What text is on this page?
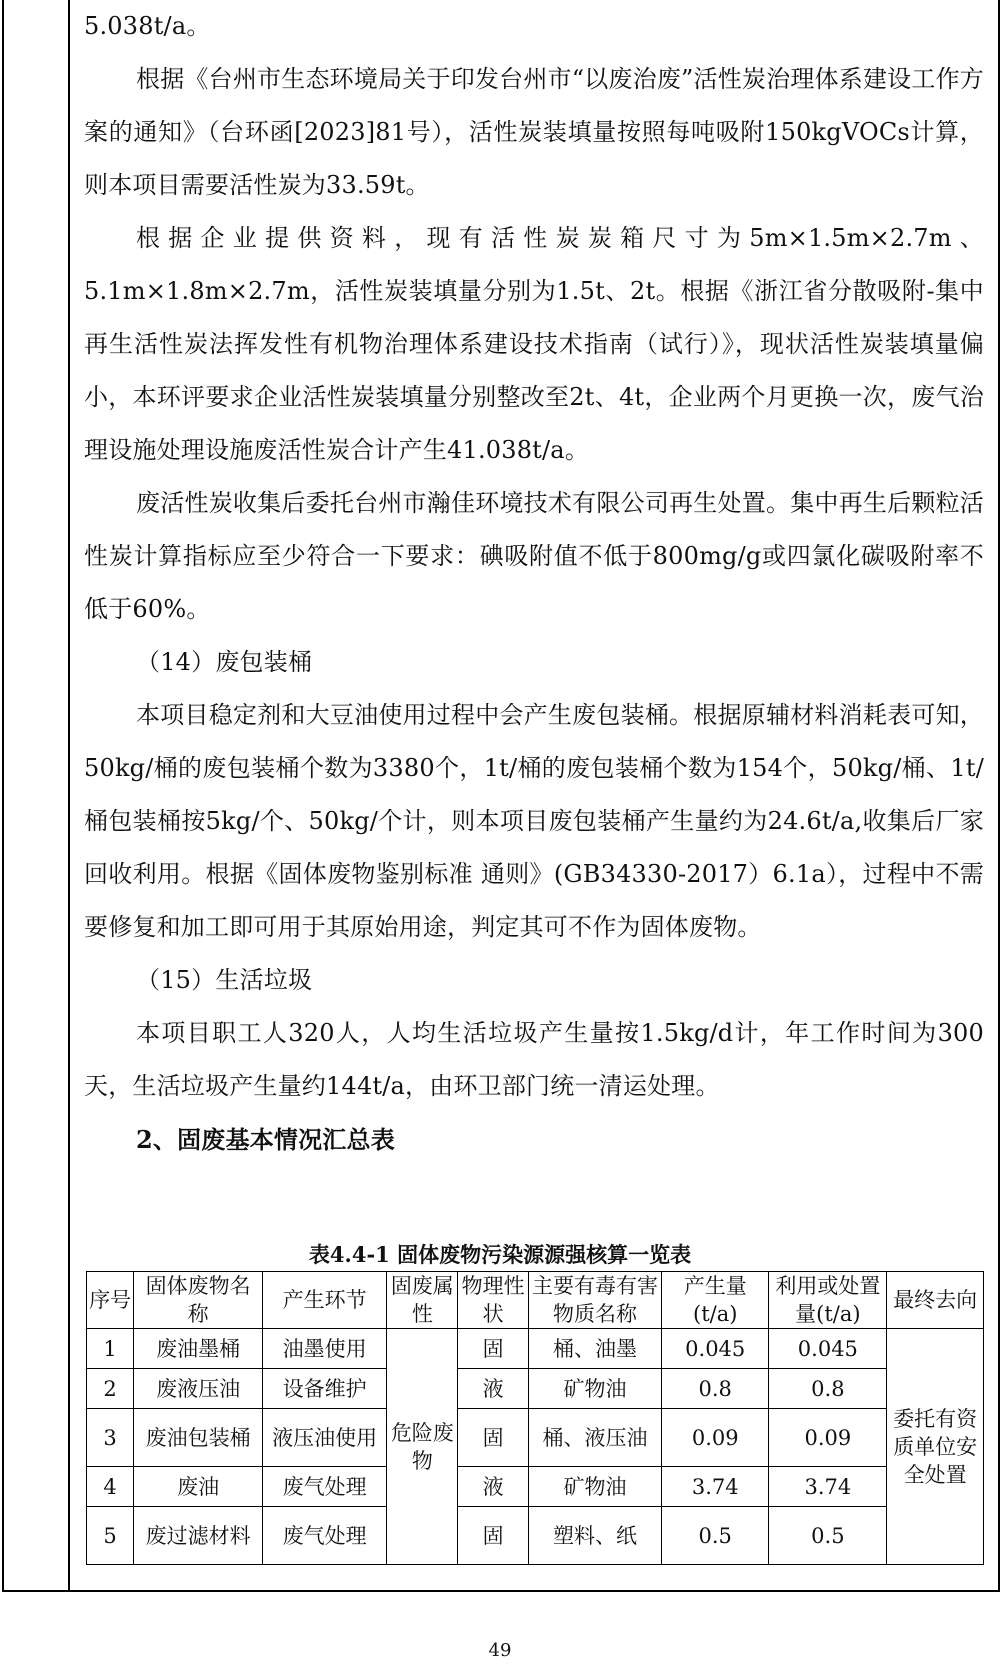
5.038t/a。

根据《台州市生态环境局关于印发台州市“以废治废”活性炭治理体系建设工作方案的通知》（台环函[2023]81号），活性炭装填量按照每吨吸附150kgVOCs计算，则本项目需要活性炭为33.59t。

根据企业提供资料，现有活性炭炭箱尺寸为5m×1.5m×2.7m、5.1m×1.8m×2.7m，活性炭装填量分别为1.5t、2t。根据《浙江省分散吸附-集中再生活性炭法挥发性有机物治理体系建设技术指南（试行）》，现状活性炭装填量偏小，本环评要求企业活性炭装填量分别整改至2t、4t，企业两个月更换一次，废气治理设施处理设施废活性炭合计产生41.038t/a。

废活性炭收集后委托台州市瀚佳环境技术有限公司再生处置。集中再生后颗粒活性炭计算指标应至少符合一下要求：碘吸附值不低于800mg/g或四氯化碳吸附率不低于60%。

（14）废包装桶

本项目稳定剂和大豆油使用过程中会产生废包装桶。根据原辅材料消耗表可知，50kg/桶的废包装桶个数为3380个，1t/桶的废包装桶个数为154个，50kg/桶、1t/桶包装桶按5kg/个、50kg/个计，则本项目废包装桶产生量约为24.6t/a,收集后厂家回收利用。根据《固体废物鉴别标准 通则》(GB34330-2017）6.1a），过程中不需要修复和加工即可用于其原始用途，判定其可不作为固体废物。

（15）生活垃圾

本项目职工人320人，人均生活垃圾产生量按1.5kg/d计，年工作时间为300天，生活垃圾产生量约144t/a，由环卫部门统一清运处理。

2、固废基本情况汇总表

表4.4-1 固体废物污染源源强核算一览表
序号	固体废物名称	产生环节	固废属性	物理性状	主要有毒有害物质名称	产生量(t/a)	利用或处置量(t/a)	最终去向
1	废油墨桶	油墨使用	危险废物	固	桶、油墨	0.045	0.045	委托有资质单位安全处置
2	废液压油	设备维护		液	矿物油	0.8	0.8	
3	废油包装桶	液压油使用		固	桶、液压油	0.09	0.09	
4	废油	废气处理		液	矿物油	3.74	3.74	
5	废过滤材料	废气处理		固	塑料、纸	0.5	0.5	
49
